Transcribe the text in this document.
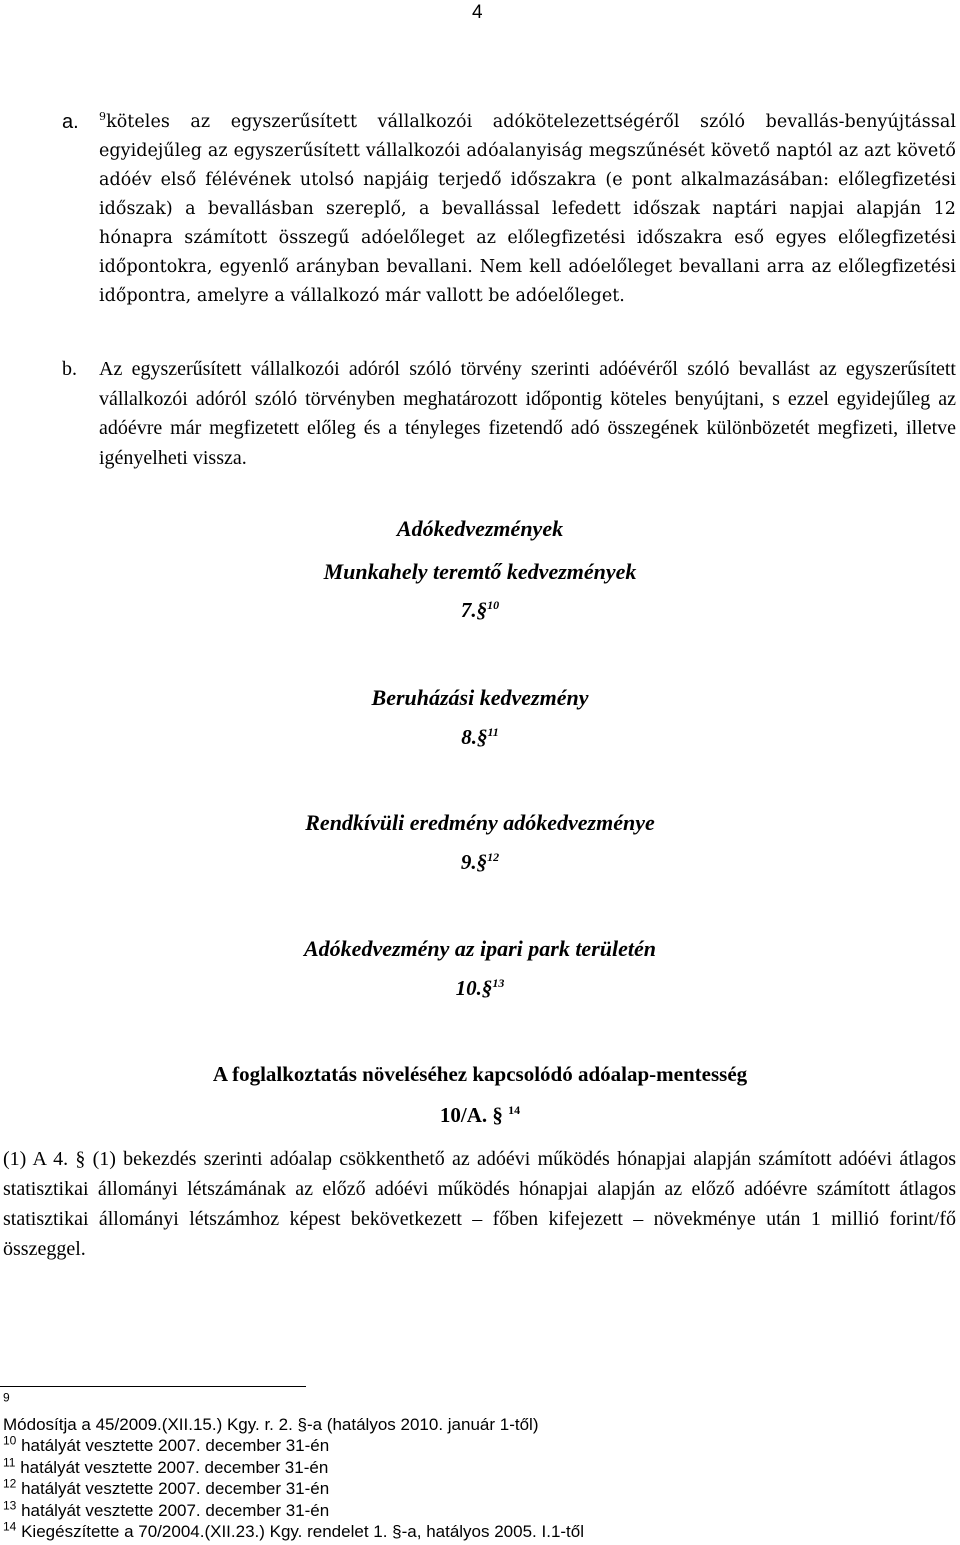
4
a. $^9$köteles az egyszerűsített vállalkozói adókötelezettségéről szóló bevallás-benyújtással egyidejűleg az egyszerűsített vállalkozói adóalanyiság megszűnését követő naptól az azt követő adóév első félévének utolsó napjáig terjedő időszakra (e pont alkalmazásában: előlegfizetési időszak) a bevallásban szereplő, a bevallással lefedett időszak naptári napjai alapján 12 hónapra számított összegű adóelőleget az előlegfizetési időszakra eső egyes előlegfizetési időpontokra, egyenlő arányban bevallani. Nem kell adóelőleget bevallani arra az előlegfizetési időpontra, amelyre a vállalkozó már vallott be adóelőleget.
b. Az egyszerűsített vállalkozói adóról szóló törvény szerinti adóévéről szóló bevallást az egyszerűsített vállalkozói adóról szóló törvényben meghatározott időpontig köteles benyújtani, s ezzel egyidejűleg az adóévre már megfizetett előleg és a tényleges fizetendő adó összegének különbözetét megfizeti, illetve igényelheti vissza.
Adókedvezmények
Munkahely teremtő kedvezmények
7.§$^{10}$
Beruházási kedvezmény
8.§$^{11}$
Rendkívüli eredmény adókedvezménye
9.§$^{12}$
Adókedvezmény az ipari park területén
10.§$^{13}$
A foglalkoztatás növeléséhez kapcsolódó adóalap-mentesség
10/A. § $^{14}$
(1) A 4. § (1) bekezdés szerinti adóalap csökkenthető az adóévi működés hónapjai alapján számított adóévi átlagos statisztikai állományi létszámának az előző adóévi működés hónapjai alapján az előző adóévre számított átlagos statisztikai állományi létszámhoz képest bekövetkezett – főben kifejezett – növekménye után 1 millió forint/fő összeggel.
$^9$
Módosítja a 45/2009.(XII.15.) Kgy. r. 2. §-a (hatályos 2010. január 1-től)
$^{10}$ hatályát vesztette 2007. december 31-én
$^{11}$ hatályát vesztette 2007. december 31-én
$^{12}$ hatályát vesztette 2007. december 31-én
$^{13}$ hatályát vesztette 2007. december 31-én
$^{14}$ Kiegészítette a 70/2004.(XII.23.) Kgy. rendelet 1. §-a, hatályos 2005. I.1-től
